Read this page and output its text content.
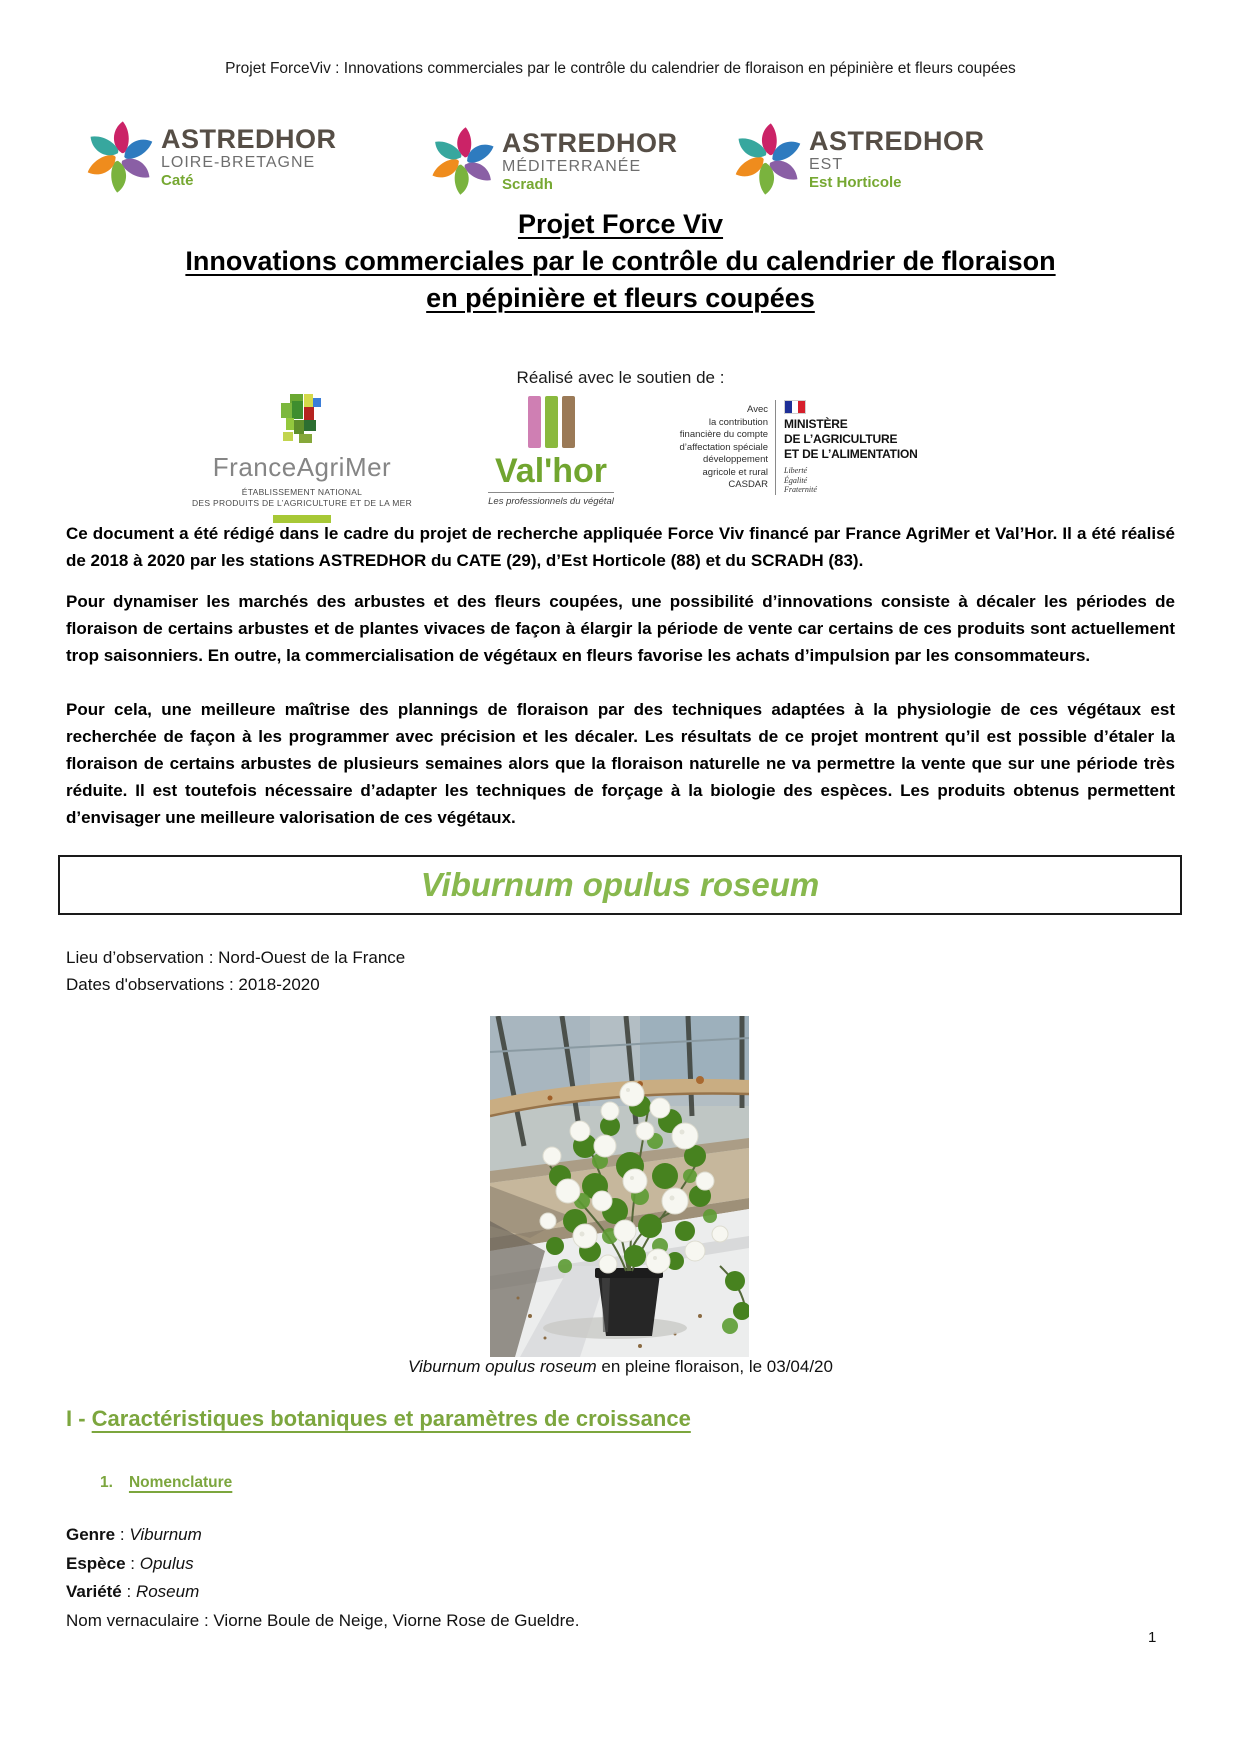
Projet ForceViv : Innovations commerciales par le contrôle du calendrier de floraison en pépinière et fleurs coupées
ASTREDHOR
LOIRE-BRETAGNE
Caté
ASTREDHOR
MÉDITERRANÉE
Scradh
ASTREDHOR
EST
Est Horticole
Projet Force Viv
Innovations commerciales par le contrôle du calendrier de floraison
en pépinière et fleurs coupées
Réalisé avec le soutien de :
FranceAgriMer
ÉTABLISSEMENT NATIONAL
DES PRODUITS DE L’AGRICULTURE ET DE LA MER
Val'hor
Les professionnels du végétal
Avec
la contribution
financière du compte
d’affectation spéciale
développement
agricole et rural
CASDAR
MINISTÈRE
DE L’AGRICULTURE
ET DE L’ALIMENTATION
Liberté
Égalité
Fraternité
Ce document a été rédigé dans le cadre du projet de recherche appliquée Force Viv financé par France AgriMer et Val’Hor. Il a été réalisé de 2018 à 2020 par les stations ASTREDHOR du CATE (29), d’Est Horticole (88) et du SCRADH (83).
Pour dynamiser les marchés des arbustes et des fleurs coupées, une possibilité d’innovations consiste à décaler les périodes de floraison de certains arbustes et de plantes vivaces de façon à élargir la période de vente car certains de ces produits sont actuellement trop saisonniers. En outre, la commercialisation de végétaux en fleurs favorise les achats d’impulsion par les consommateurs.
Pour cela, une meilleure maîtrise des plannings de floraison par des techniques adaptées à la physiologie de ces végétaux est recherchée de façon à les programmer avec précision et les décaler. Les résultats de ce projet montrent qu’il est possible d’étaler la floraison de certains arbustes de plusieurs semaines alors que la floraison naturelle ne va permettre la vente que sur une période très réduite. Il est toutefois nécessaire d’adapter les techniques de forçage à la biologie des espèces. Les produits obtenus permettent d’envisager une meilleure valorisation de ces végétaux.
Viburnum opulus roseum
Lieu d’observation : Nord-Ouest de la France
Dates d'observations : 2018-2020
Viburnum opulus roseum en pleine floraison, le 03/04/20
I - Caractéristiques botaniques et paramètres de croissance
1. Nomenclature
Genre : Viburnum
Espèce : Opulus
Variété : Roseum
Nom vernaculaire : Viorne Boule de Neige, Viorne Rose de Gueldre.
1
